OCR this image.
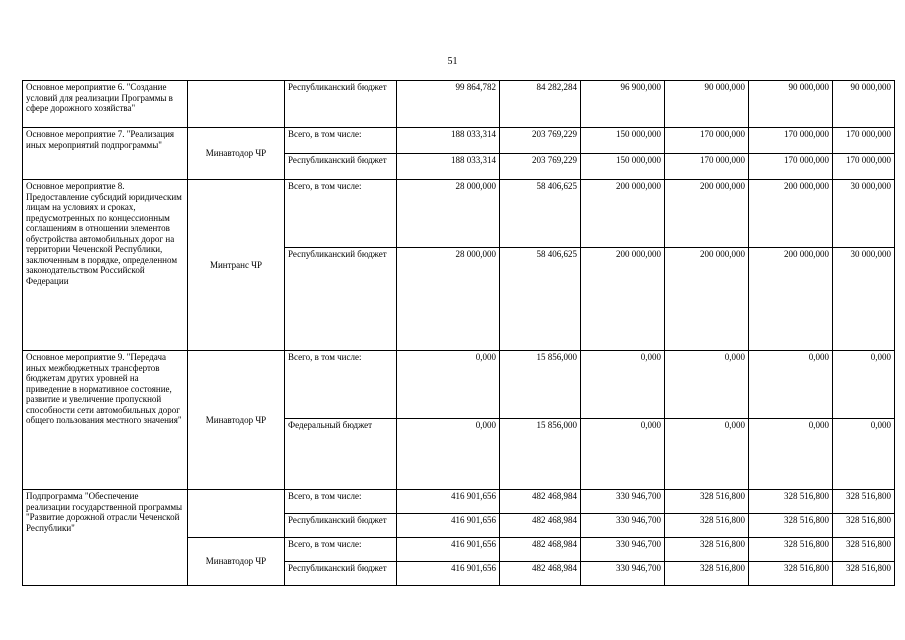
51
Основное мероприятие 6. "Создание условий для реализации Программы в сфере дорожного хозяйства"		Республиканский бюджет	99 864,782	84 282,284	96 900,000	90 000,000	90 000,000	90 000,000
Основное мероприятие 7. "Реализация иных мероприятий подпрограммы"	Минавтодор ЧР	Всего, в том числе:	188 033,314	203 769,229	150 000,000	170 000,000	170 000,000	170 000,000
		Республиканский бюджет	188 033,314	203 769,229	150 000,000	170 000,000	170 000,000	170 000,000
Основное мероприятие 8. Предоставление субсидий юридическим лицам на условиях и сроках, предусмотренных по концессионным соглашениям в отношении элементов обустройства автомобильных дорог на территории Чеченской Республики, заключенным в порядке, определенном законодательством Российской Федерации	Минтранс ЧР	Всего, в том числе:	28 000,000	58 406,625	200 000,000	200 000,000	200 000,000	30 000,000
		Республиканский бюджет	28 000,000	58 406,625	200 000,000	200 000,000	200 000,000	30 000,000
Основное мероприятие 9. "Передача иных межбюджетных трансфертов бюджетам других уровней на приведение в нормативное состояние, развитие и увеличение пропускной способности сети автомобильных дорог общего пользования местного значения"	Минавтодор ЧР	Всего, в том числе:	0,000	15 856,000	0,000	0,000	0,000	0,000
		Федеральный бюджет	0,000	15 856,000	0,000	0,000	0,000	0,000
Подпрограмма "Обеспечение реализации государственной программы "Развитие дорожной отрасли Чеченской Республики"		Всего, в том числе:	416 901,656	482 468,984	330 946,700	328 516,800	328 516,800	328 516,800
		Республиканский бюджет	416 901,656	482 468,984	330 946,700	328 516,800	328 516,800	328 516,800
	Минавтодор ЧР	Всего, в том числе:	416 901,656	482 468,984	330 946,700	328 516,800	328 516,800	328 516,800
		Республиканский бюджет	416 901,656	482 468,984	330 946,700	328 516,800	328 516,800	328 516,800
